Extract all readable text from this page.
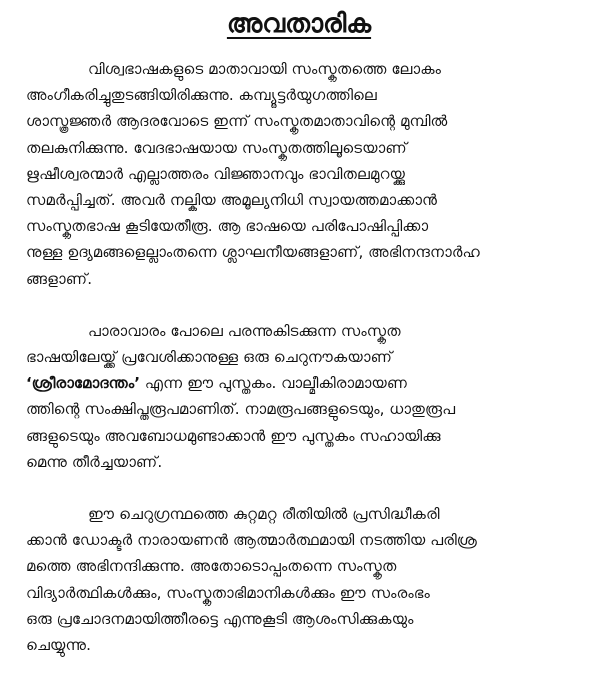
അവതാരിക
വിശ്വഭാഷകളുടെ മാതാവായി സംസ്കൃതത്തെ ലോകം
അംഗീകരിച്ചുതുടങ്ങിയിരിക്കുന്നു. കമ്പ്യൂട്ടർയുഗത്തിലെ
ശാസ്ത്രജ്ഞർ ആദരവോടെ ഇന്ന് സംസ്കൃതമാതാവിന്റെ മുമ്പിൽ
തലകുനിക്കുന്നു. വേദഭാഷയായ സംസ്കൃതത്തിലൂടെയാണ്
ഋഷീശ്വരന്മാർ എല്ലാത്തരം വിജ്ഞാനവും ഭാവിതലമുറയ്ക്കു
സമർപ്പിച്ചത്. അവർ നല്കിയ അമൂല്യനിധി സ്വായത്തമാക്കാൻ
സംസ്കൃതഭാഷ കൂടിയേതീരൂ. ആ ഭാഷയെ പരിപോഷിപ്പിക്കാ
നുള്ള ഉദ്യമങ്ങളെല്ലാംതന്നെ ശ്ലാഘനീയങ്ങളാണ്, അഭിനന്ദനാർഹ
ങ്ങളാണ്.
പാരാവാരം പോലെ പരന്നുകിടക്കുന്ന സംസ്കൃത
ഭാഷയിലേയ്ക്ക് പ്രവേശിക്കാനുള്ള ഒരു ചെറുനൗകയാണ്
‘ശ്രീരാമോദന്തം’ എന്ന ഈ പുസ്തകം. വാല്മീകിരാമായണ
ത്തിന്റെ സംക്ഷിപ്തരൂപമാണിത്. നാമരൂപങ്ങളുടെയും, ധാതുരൂപ
ങ്ങളുടെയും അവബോധമുണ്ടാക്കാൻ ഈ പുസ്തകം സഹായിക്കു
മെന്നു തീർച്ചയാണ്.
ഈ ചെറുഗ്രന്ഥത്തെ കുറ്റമറ്റ രീതിയിൽ പ്രസിദ്ധീകരി
ക്കാൻ ഡോക്ടർ നാരായണൻ ആത്മാർത്ഥമായി നടത്തിയ പരിശ്ര
മത്തെ അഭിനന്ദിക്കുന്നു. അതോടൊപ്പംതന്നെ സംസ്കൃത
വിദ്യാർത്ഥികൾക്കും, സംസ്കൃതാഭിമാനികൾക്കും ഈ സംരംഭം
ഒരു പ്രചോദനമായിത്തീരട്ടെ എന്നുകൂടി ആശംസിക്കുകയും
ചെയ്യുന്നു.
